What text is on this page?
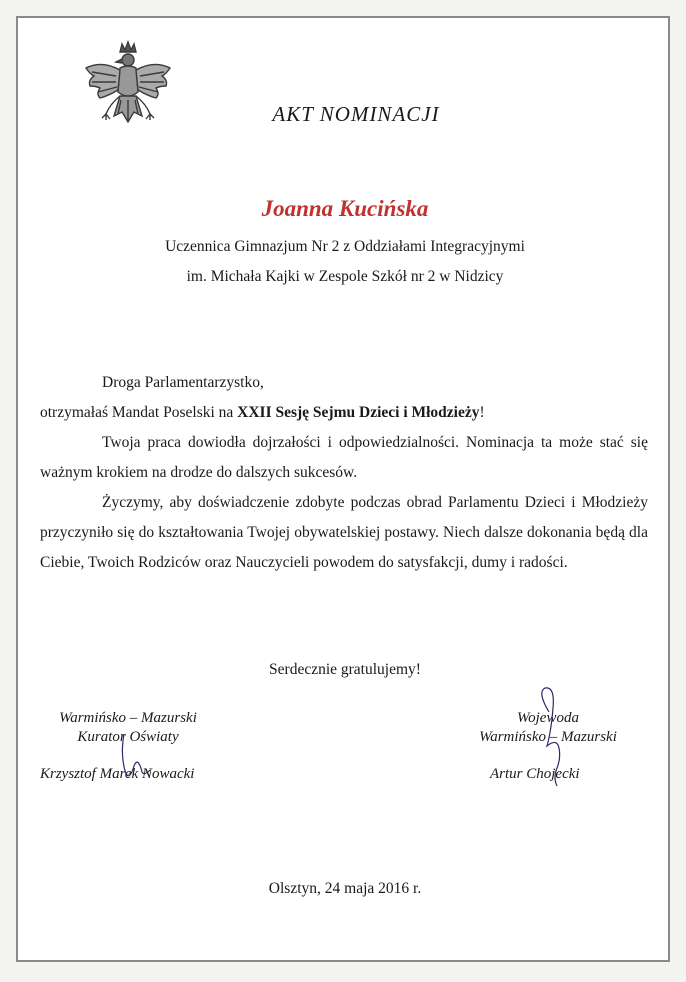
AKT NOMINACJI
Joanna Kucińska
Uczennica Gimnazjum Nr 2 z Oddziałami Integracyjnymi
im. Michała Kajki w Zespole Szkół nr 2 w Nidzicy

Droga Parlamentarzystko,

otrzymałaś Mandat Poselski na XXII Sesję Sejmu Dzieci i Młodzieży!

Twoja praca dowiodła dojrzałości i odpowiedzialności. Nominacja ta może stać się ważnym krokiem na drodze do dalszych sukcesów.

Życzymy, aby doświadczenie zdobyte podczas obrad Parlamentu Dzieci i Młodzieży przyczyniło się do kształtowania Twojej obywatelskiej postawy. Niech dalsze dokonania będą dla Ciebie, Twoich Rodziców oraz Nauczycieli powodem do satysfakcji, dumy i radości.

Serdecznie gratulujemy!
Warmińsko – Mazurski
Kurator Oświaty
Krzysztof Marek Nowacki
Wojewoda
Warmińsko – Mazurski
Artur Chojecki
Olsztyn, 24 maja 2016 r.
